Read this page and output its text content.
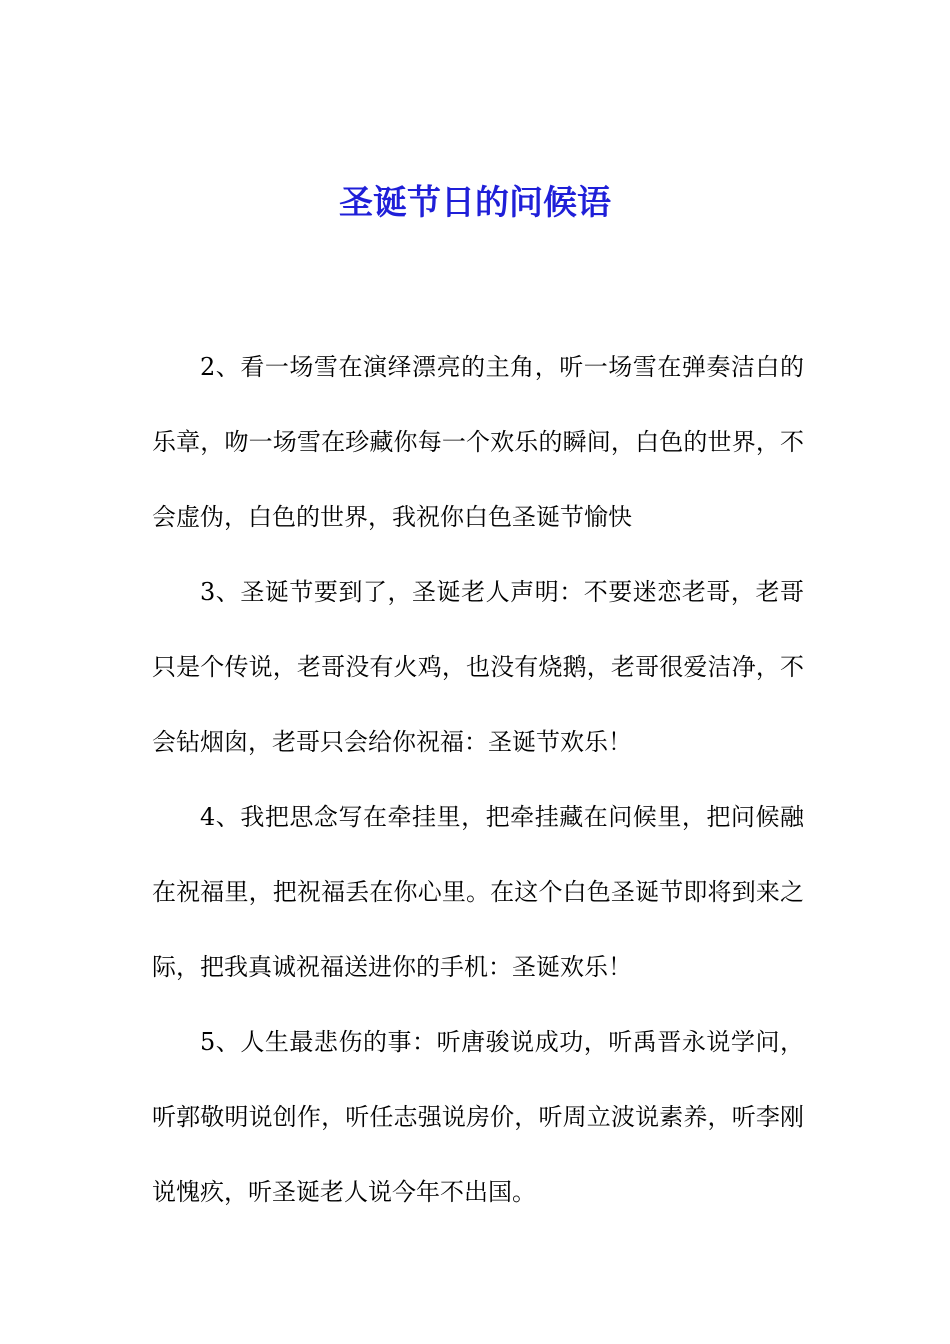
圣诞节日的问候语

2、看一场雪在演绎漂亮的主角，听一场雪在弹奏洁白的乐章，吻一场雪在珍藏你每一个欢乐的瞬间，白色的世界，不会虚伪，白色的世界，我祝你白色圣诞节愉快

3、圣诞节要到了，圣诞老人声明：不要迷恋老哥，老哥只是个传说，老哥没有火鸡，也没有烧鹅，老哥很爱洁净，不会钻烟囱，老哥只会给你祝福：圣诞节欢乐！

4、我把思念写在牵挂里，把牵挂藏在问候里，把问候融在祝福里，把祝福丢在你心里。在这个白色圣诞节即将到来之际，把我真诚祝福送进你的手机：圣诞欢乐！

5、人生最悲伤的事：听唐骏说成功，听禹晋永说学问，听郭敬明说创作，听任志强说房价，听周立波说素养，听李刚说愧疚，听圣诞老人说今年不出国。
